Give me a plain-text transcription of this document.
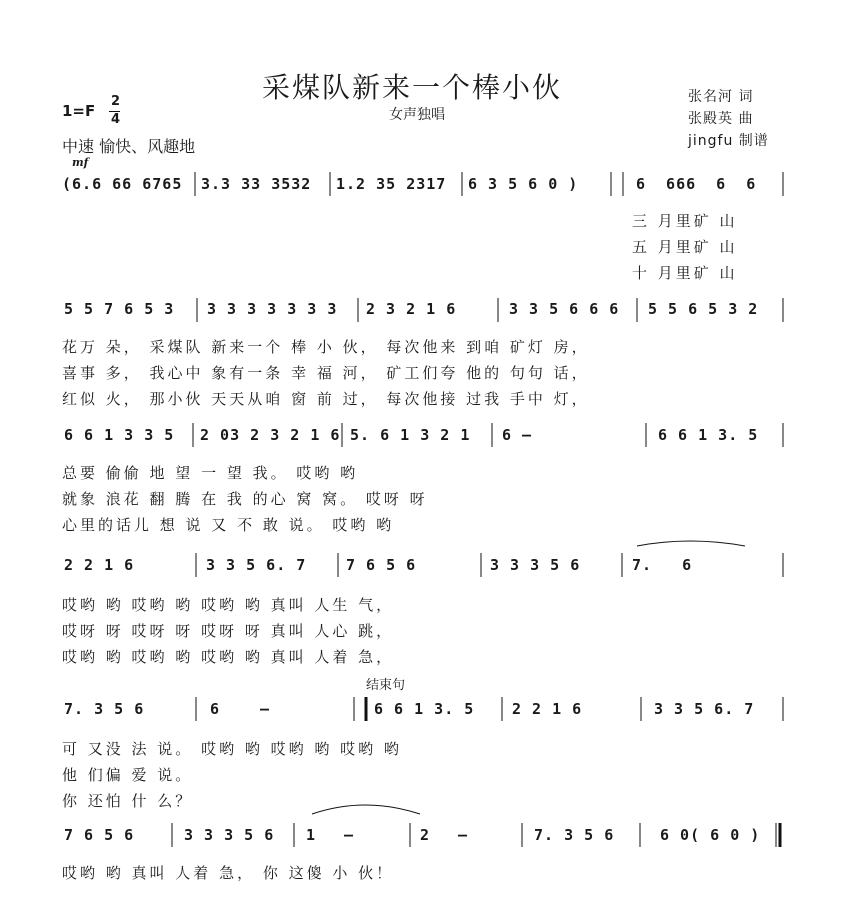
采煤队新来一个棒小伙
女声独唱
张名河 词
张殿英 曲
jingfu 制谱
1=F
2
4
中速 愉快、风趣地
mf
(6.6 66 6765 3.3 33 3532 1.2 35 2317 6 3 5 6 0 )	6 666 6 6
三 月里矿 山
五 月里矿 山
十 月里矿 山
5 5 7 6 5 3 3 3 3 3 3 3 3 2 3 2 1 6	3 3 5 6 6 6 5 5 6 5 3 2
花万 朵， 采煤队 新来一个 棒 小 伙， 每次他来 到咱 矿灯 房，
喜事 多， 我心中 象有一条 幸 福 河， 矿工们夸 他的 句句 话，
红似 火， 那小伙 天天从咱 窗 前 过， 每次他接 过我 手中 灯，
6 6 1 3 3 5 2 03 2 3 2 1 6 5. 6 1 3 2 1 6 –	6 6 1 3. 5
总要 偷偷 地 望 一 望 我。 哎哟 哟
就象 浪花 翻 腾 在 我 的心 窝 窝。 哎呀 呀
心里的话儿 想 说 又 不 敢 说。 哎哟 哟
2 2 1 6	3 3 5 6. 7	7 6 5 6	3 3 3 5 6	7. 6
哎哟 哟 哎哟 哟 哎哟 哟 真叫 人生 气，
哎呀 呀 哎呀 呀 哎呀 呀 真叫 人心 跳，
哎哟 哟 哎哟 哟 哎哟 哟 真叫 人着 急，
结束句
7. 3 5 6	6 –	6 6 1 3. 5	2 2 1 6	3 3 5 6. 7
可 又没 法 说。 哎哟 哟 哎哟 哟 哎哟 哟
他 们偏 爱 说。
你 还怕 什 么？
7 6 5 6	3 3 3 5 6 1 –	2 –	7. 3 5 6	6 0( 6 0 )
哎哟 哟 真叫 人着 急， 你 这傻 小 伙！
